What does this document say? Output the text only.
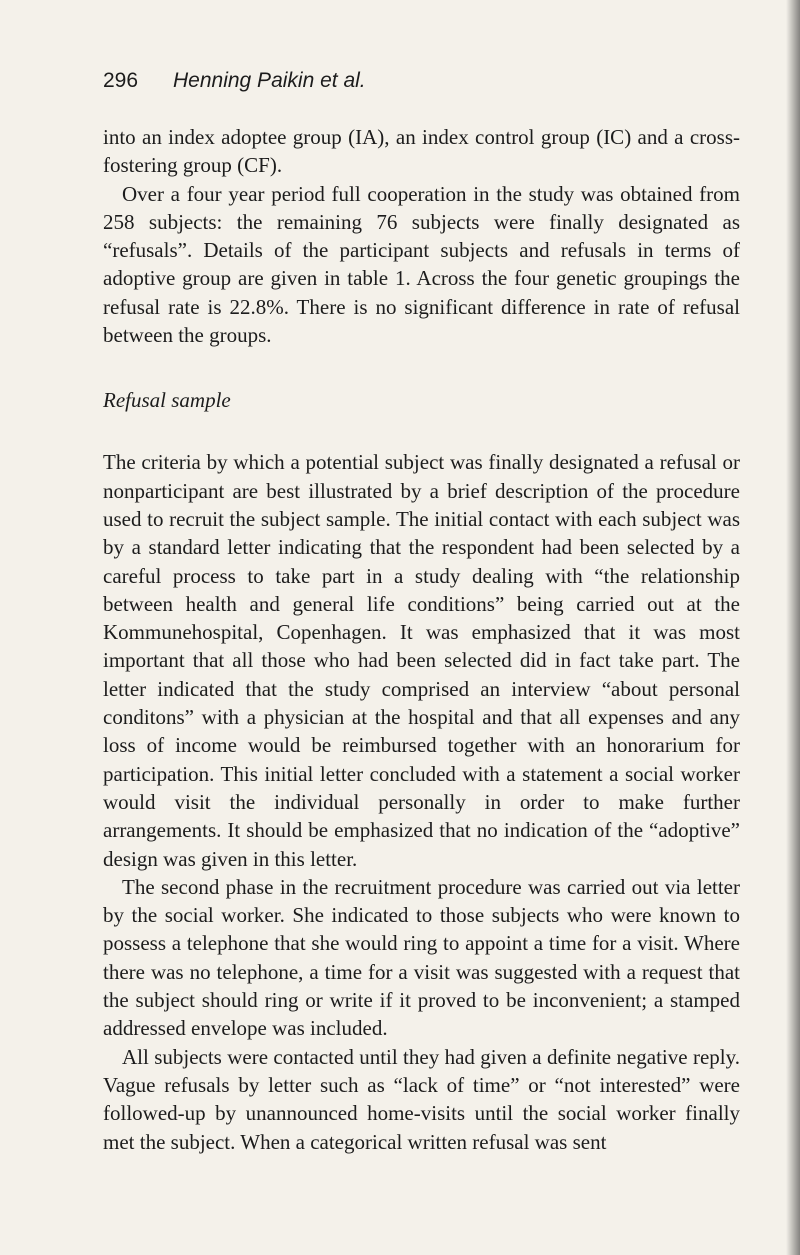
296 Henning Paikin et al.

into an index adoptee group (IA), an index control group (IC) and a cross-fostering group (CF).

Over a four year period full cooperation in the study was obtained from 258 subjects: the remaining 76 subjects were finally designated as “refusals”. Details of the participant subjects and refusals in terms of adoptive group are given in table 1. Across the four genetic groupings the refusal rate is 22.8%. There is no significant difference in rate of refusal between the groups.

Refusal sample

The criteria by which a potential subject was finally designated a refusal or nonparticipant are best illustrated by a brief description of the procedure used to recruit the subject sample. The initial contact with each subject was by a standard letter indicating that the respondent had been selected by a careful process to take part in a study dealing with “the relationship between health and general life conditions” being carried out at the Kommunehospital, Copenhagen. It was emphasized that it was most important that all those who had been selected did in fact take part. The letter indicated that the study comprised an interview “about personal conditons” with a physician at the hospital and that all expenses and any loss of income would be reimbursed together with an honorarium for participation. This initial letter concluded with a statement a social worker would visit the individual personally in order to make further arrangements. It should be emphasized that no indication of the “adoptive” design was given in this letter.

The second phase in the recruitment procedure was carried out via letter by the social worker. She indicated to those subjects who were known to possess a telephone that she would ring to appoint a time for a visit. Where there was no telephone, a time for a visit was suggested with a request that the subject should ring or write if it proved to be inconvenient; a stamped addressed envelope was included.

All subjects were contacted until they had given a definite negative reply. Vague refusals by letter such as “lack of time” or “not interested” were followed-up by unannounced home-visits until the social worker finally met the subject. When a categorical written refusal was sent
